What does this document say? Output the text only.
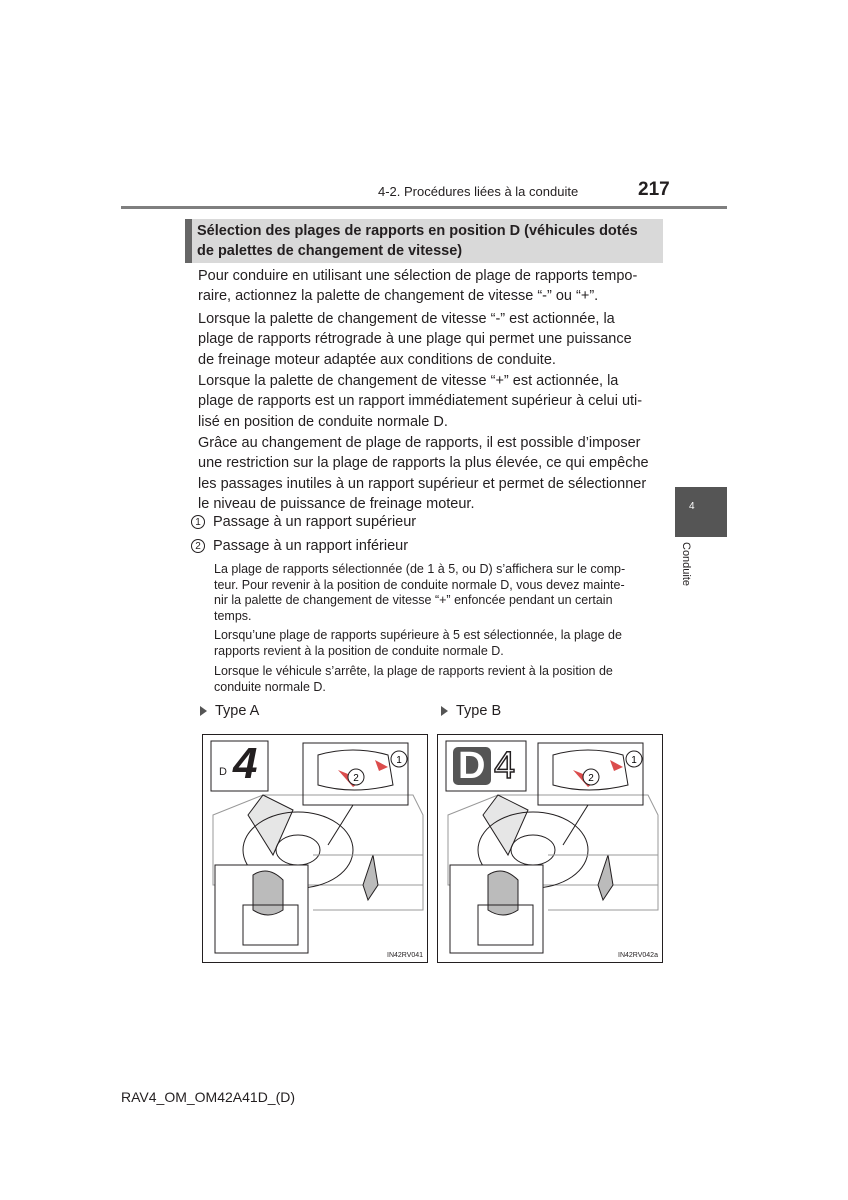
4-2. Procédures liées à la conduite	217
Sélection des plages de rapports en position D (véhicules dotés
de palettes de changement de vitesse)
Pour conduire en utilisant une sélection de plage de rapports tempo-
raire, actionnez la palette de changement de vitesse “-” ou “+”.
Lorsque la palette de changement de vitesse “-” est actionnée, la
plage de rapports rétrograde à une plage qui permet une puissance
de freinage moteur adaptée aux conditions de conduite.
Lorsque la palette de changement de vitesse “+” est actionnée, la
plage de rapports est un rapport immédiatement supérieur à celui uti-
lisé en position de conduite normale D.
Grâce au changement de plage de rapports, il est possible d’imposer
une restriction sur la plage de rapports la plus élevée, ce qui empêche
les passages inutiles à un rapport supérieur et permet de sélectionner
le niveau de puissance de freinage moteur.
1 Passage à un rapport supérieur
2 Passage à un rapport inférieur
La plage de rapports sélectionnée (de 1 à 5, ou D) s’affichera sur le comp-
teur. Pour revenir à la position de conduite normale D, vous devez mainte-
nir la palette de changement de vitesse “+” enfoncée pendant un certain
temps.
Lorsqu’une plage de rapports supérieure à 5 est sélectionnée, la plage de
rapports revient à la position de conduite normale D.
Lorsque le véhicule s’arrête, la plage de rapports revient à la position de
conduite normale D.
Type A	Type B
1
2
D 4
IN42RV041
1
2
D 4
IN42RV042a
4
Conduite
RAV4_OM_OM42A41D_(D)
